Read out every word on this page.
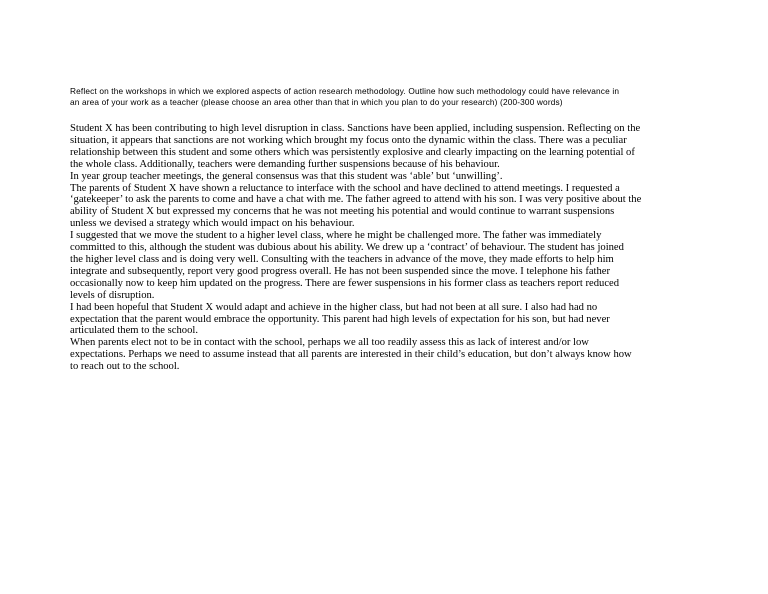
Reflect on the workshops in which we explored aspects of action research methodology. Outline how such methodology could have relevance in
an area of your work as a teacher (please choose an area other than that in which you plan to do your research) (200-300 words)
Student X has been contributing to high level disruption in class. Sanctions have been applied, including suspension. Reflecting on the
situation, it appears that sanctions are not working which brought my focus onto the dynamic within the class. There was a peculiar
relationship between this student and some others which was persistently explosive and clearly impacting on the learning potential of
the whole class. Additionally, teachers were demanding further suspensions because of his behaviour.
In year group teacher meetings, the general consensus was that this student was ‘able’ but ‘unwilling’.
The parents of Student X have shown a reluctance to interface with the school and have declined to attend meetings. I requested a
‘gatekeeper’ to ask the parents to come and have a chat with me. The father agreed to attend with his son. I was very positive about the
ability of Student X but expressed my concerns that he was not meeting his potential and would continue to warrant suspensions
unless we devised a strategy which would impact on his behaviour.
I suggested that we move the student to a higher level class, where he might be challenged more. The father was immediately
committed to this, although the student was dubious about his ability. We drew up a ‘contract’ of behaviour. The student has joined
the higher level class and is doing very well. Consulting with the teachers in advance of the move, they made efforts to help him
integrate and subsequently, report very good progress overall. He has not been suspended since the move. I telephone his father
occasionally now to keep him updated on the progress. There are fewer suspensions in his former class as teachers report reduced
levels of disruption.
I had been hopeful that Student X would adapt and achieve in the higher class, but had not been at all sure. I also had had no
expectation that the parent would embrace the opportunity. This parent had high levels of expectation for his son, but had never
articulated them to the school.
When parents elect not to be in contact with the school, perhaps we all too readily assess this as lack of interest and/or low
expectations. Perhaps we need to assume instead that all parents are interested in their child’s education, but don’t always know how
to reach out to the school.
